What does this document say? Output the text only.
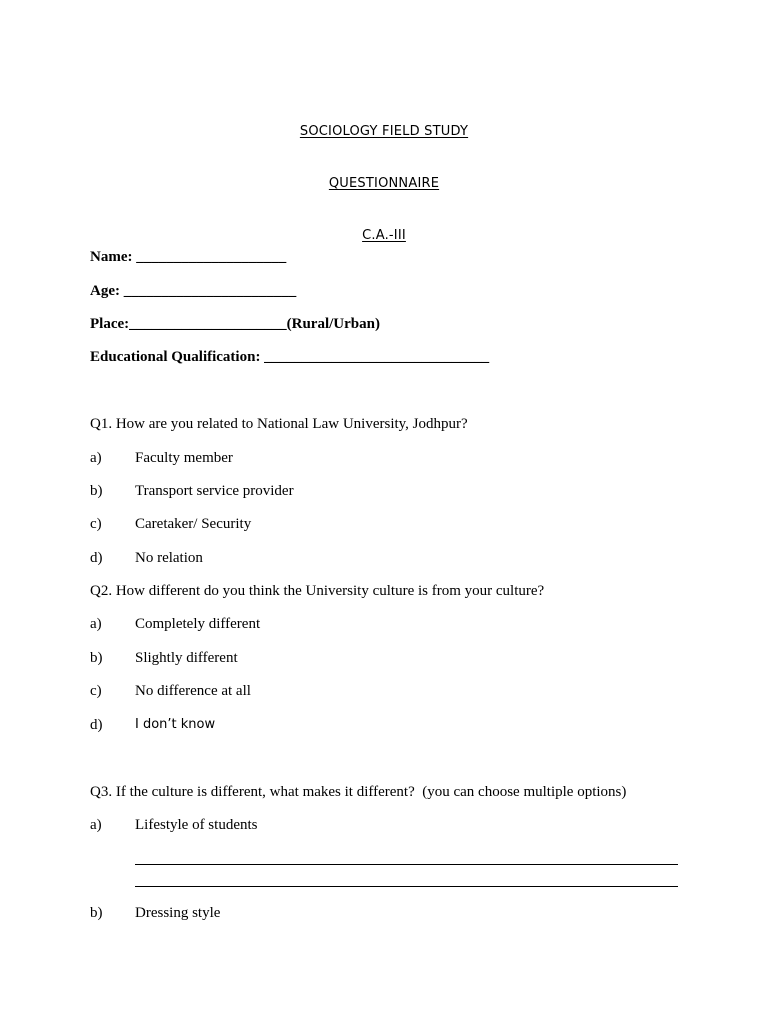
SOCIOLOGY FIELD STUDY
QUESTIONNAIRE
C.A.-III
Name: ____________________
Age: _______________________
Place:_____________________(Rural/Urban)
Educational Qualification: ______________________________
Q1. How are you related to National Law University, Jodhpur?
a) Faculty member
b) Transport service provider
c) Caretaker/ Security
d) No relation
Q2. How different do you think the University culture is from your culture?
a) Completely different
b) Slightly different
c) No difference at all
d)	I don’t know
Q3. If the culture is different, what makes it different?  (you can choose multiple options)
a) Lifestyle of students
b) Dressing style
